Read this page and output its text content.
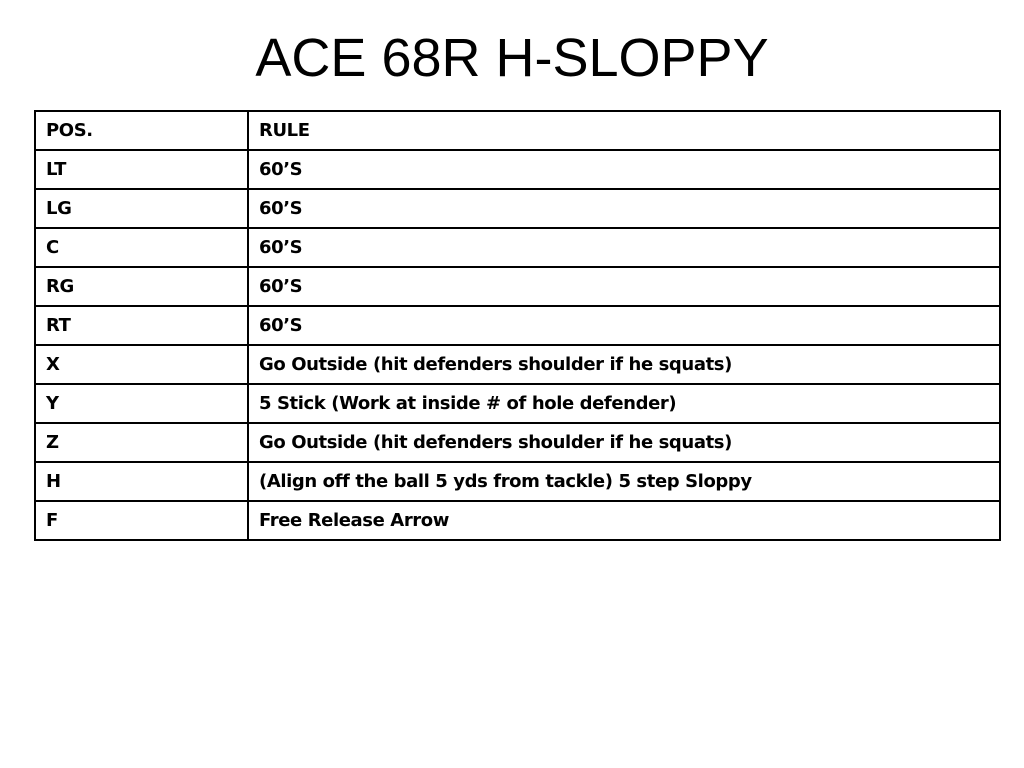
ACE 68R H-SLOPPY
POS.	RULE
LT	60’S
LG	60’S
C	60’S
RG	60’S
RT	60’S
X	Go Outside (hit defenders shoulder if he squats)
Y	5 Stick (Work at inside # of hole defender)
Z	Go Outside (hit defenders shoulder if he squats)
H	(Align off the ball 5 yds from tackle) 5 step Sloppy
F	Free Release Arrow
